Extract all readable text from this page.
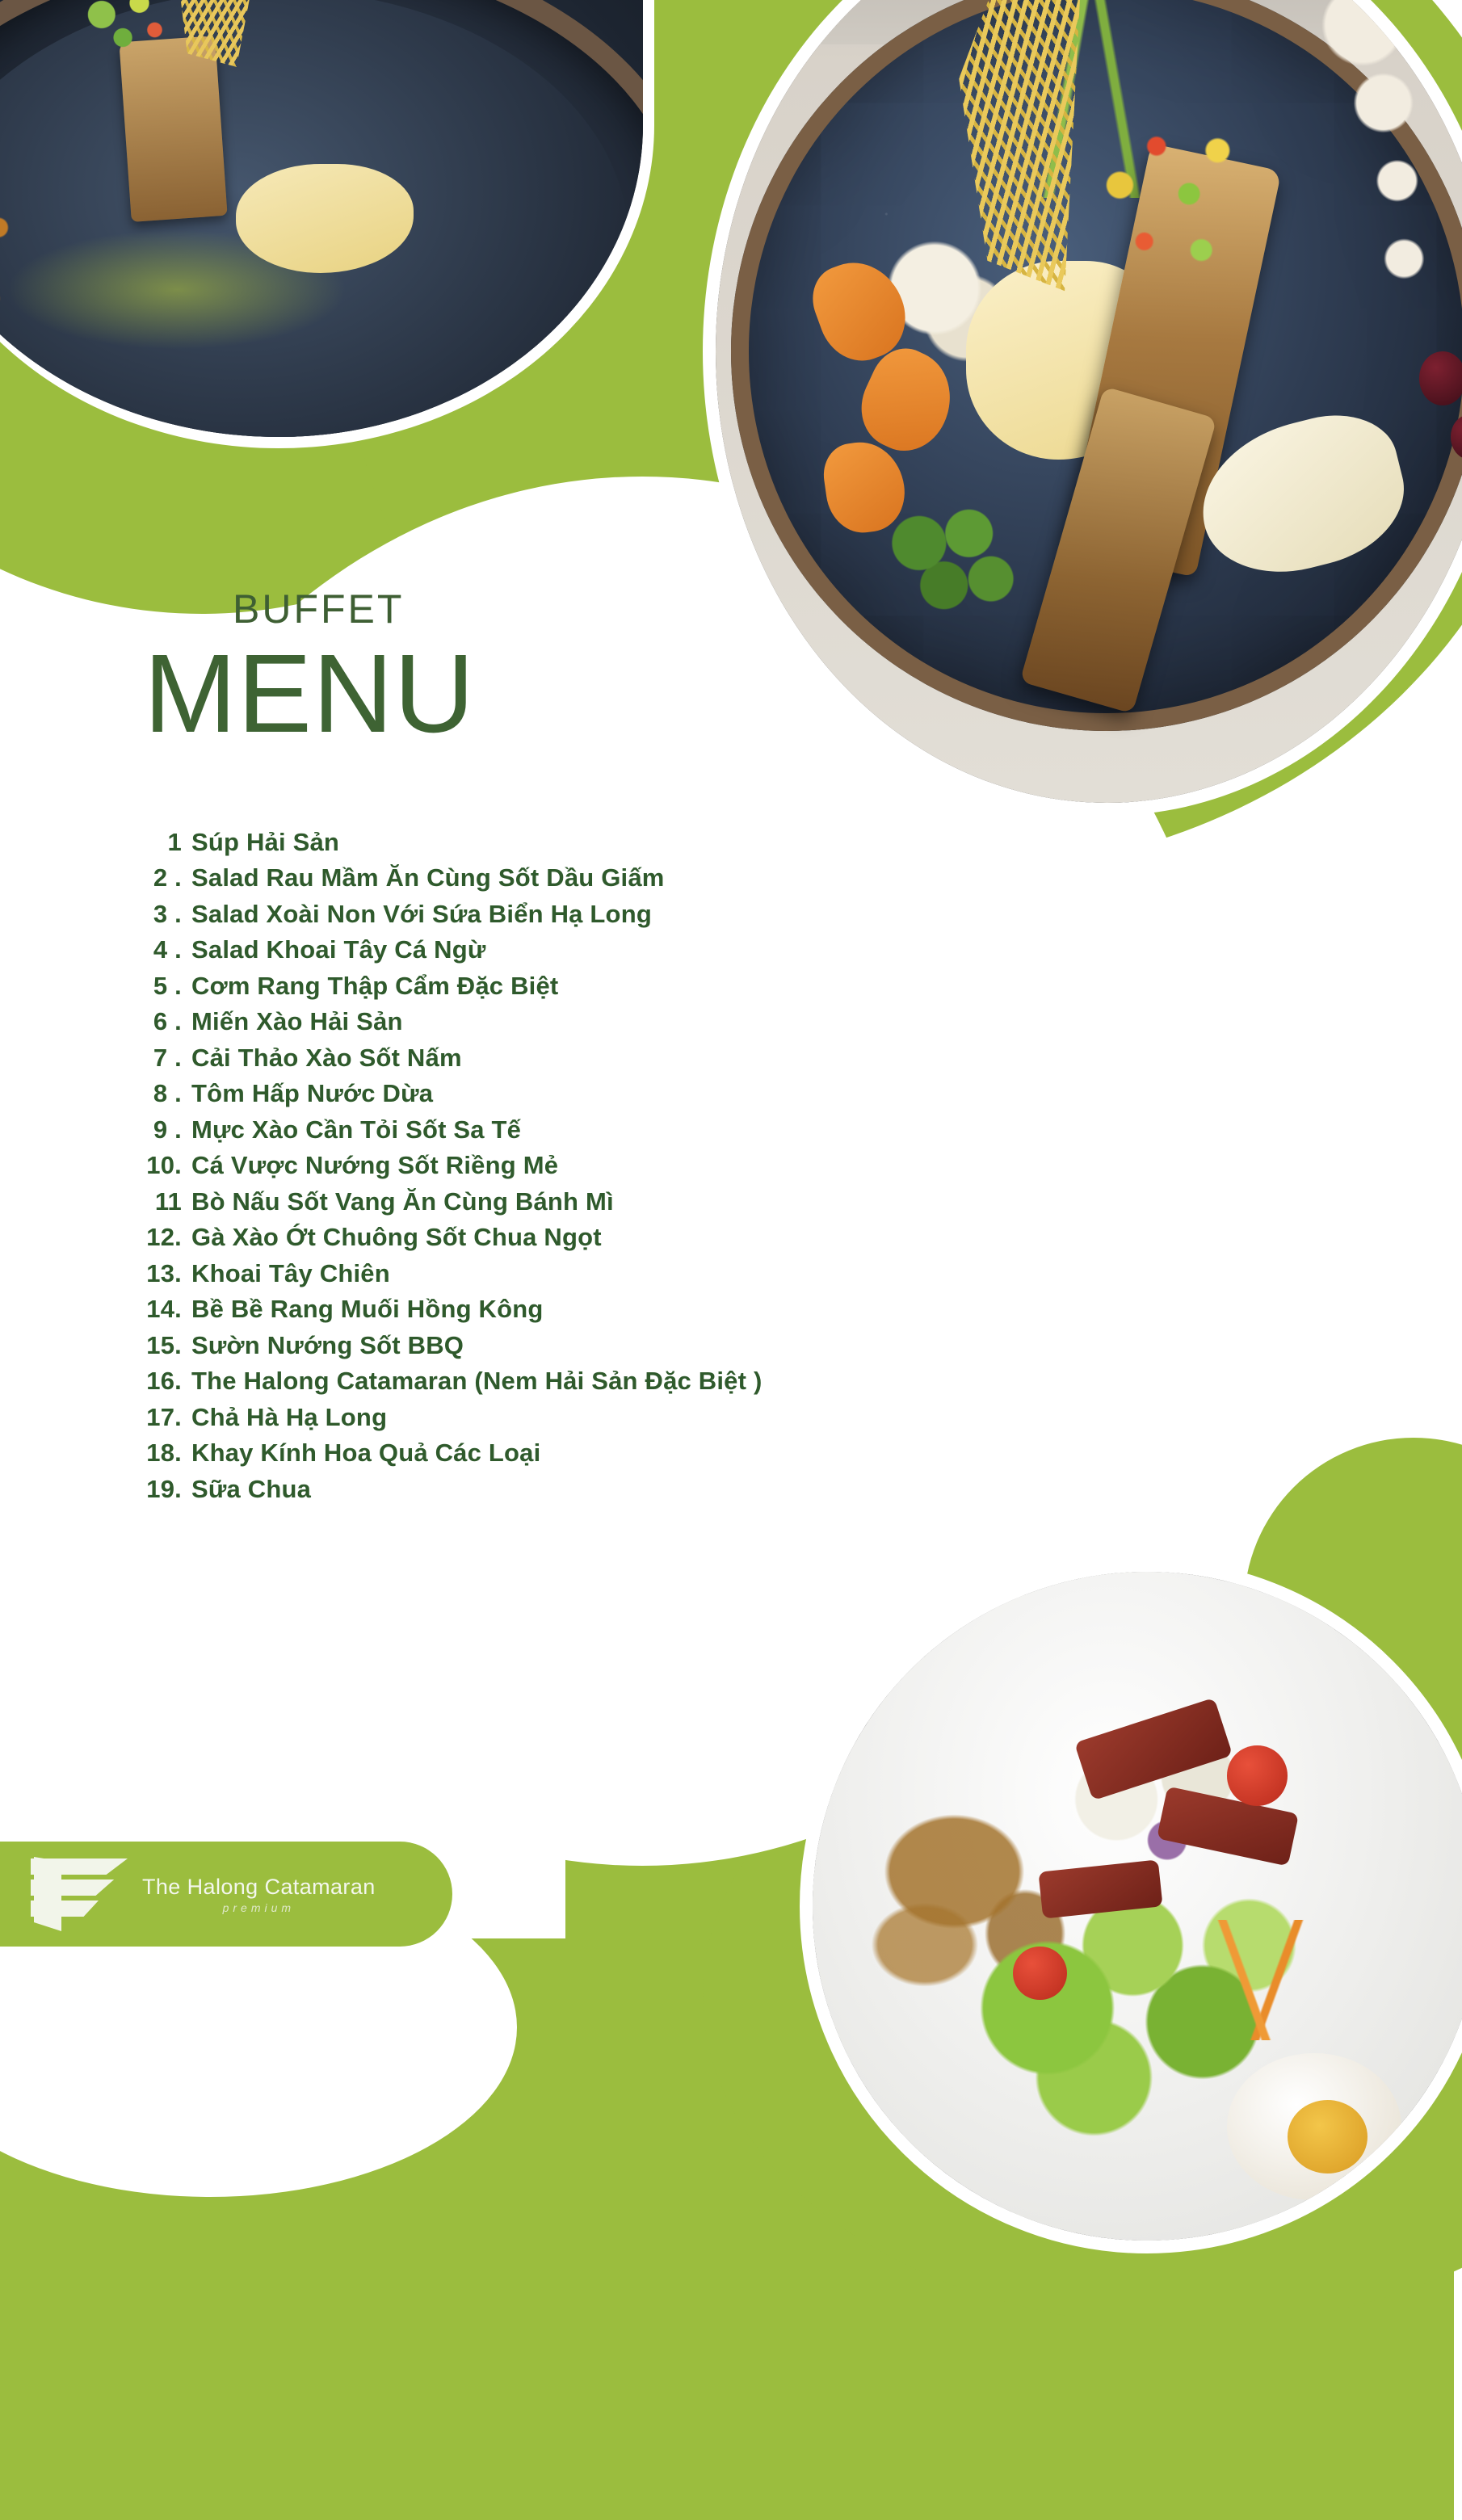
BUFFET
MENU
1 Súp Hải Sản
2 . Salad Rau Mầm Ăn Cùng Sốt Dầu Giấm
3 . Salad Xoài Non Với Sứa Biển Hạ Long
4 . Salad Khoai Tây Cá Ngừ
5 . Cơm Rang Thập Cẩm Đặc Biệt
6 . Miến Xào Hải Sản
7 . Cải Thảo Xào Sốt Nấm
8 . Tôm Hấp Nước Dừa
9 . Mực Xào Cần Tỏi Sốt Sa Tế
10. Cá Vược Nướng Sốt Riềng Mẻ
11 Bò Nấu Sốt Vang Ăn Cùng Bánh Mì
12. Gà Xào Ớt Chuông Sốt Chua Ngọt
13. Khoai Tây Chiên
14. Bề Bề Rang Muối Hồng Kông
15. Sườn Nướng Sốt BBQ
16. The Halong Catamaran (Nem Hải Sản Đặc Biệt )
17. Chả Hà Hạ Long
18. Khay Kính Hoa Quả Các Loại
19. Sữa Chua
The Halong Catamaran
premium
